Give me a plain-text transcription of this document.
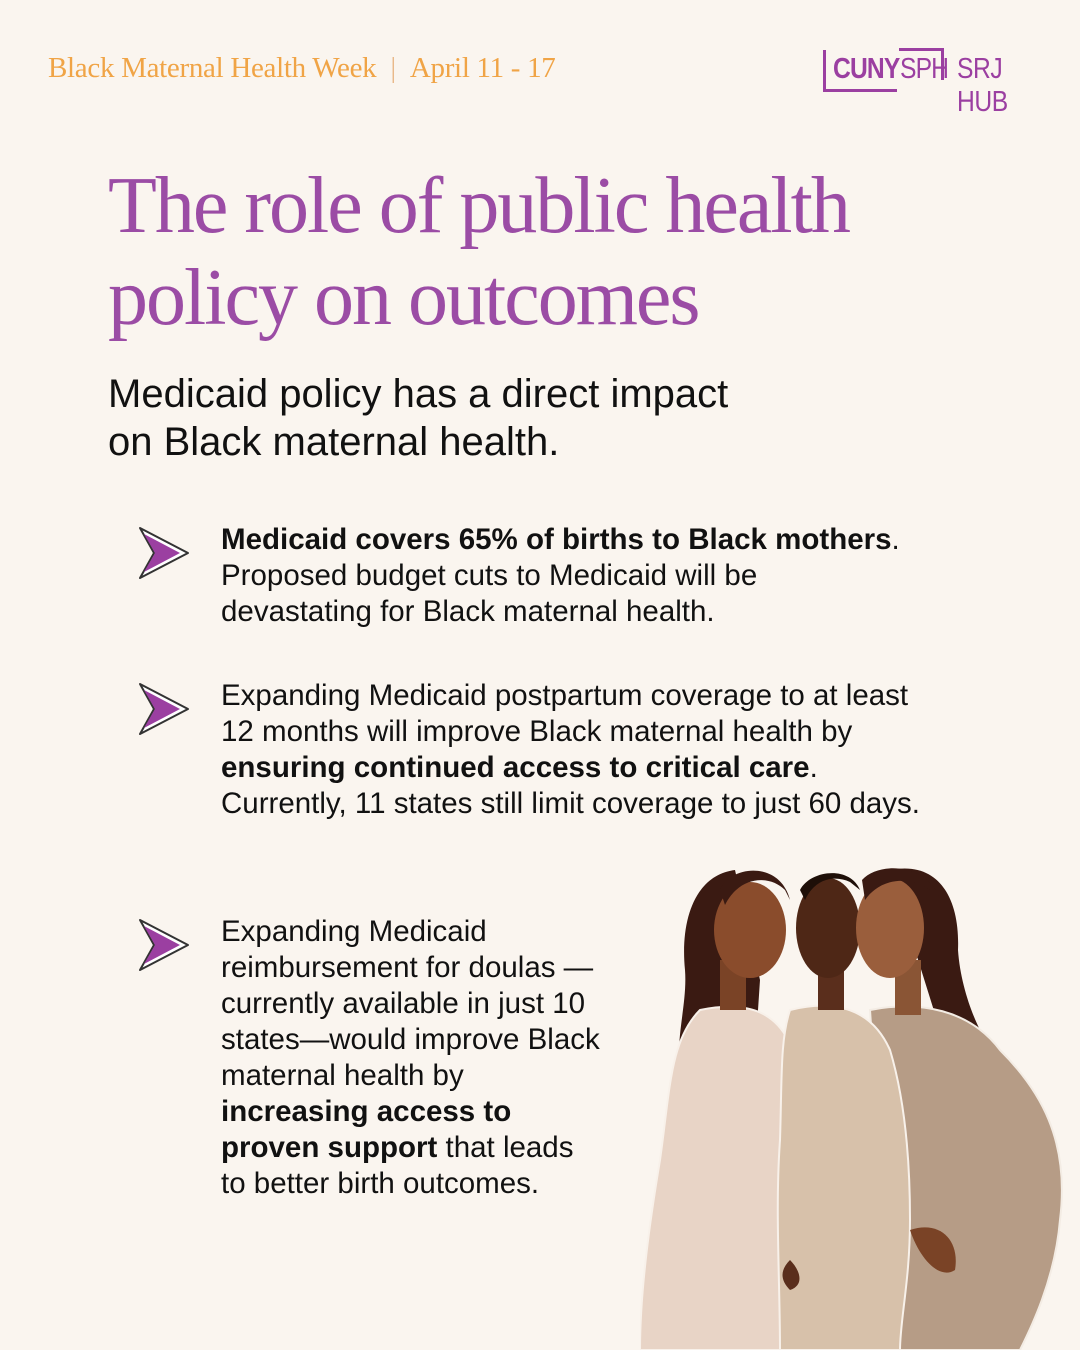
Black Maternal Health Week | April 11 - 17	CUNY SPH SRJ HUB
The role of public health
policy on outcomes

Medicaid policy has a direct impact
on Black maternal health.

Medicaid covers 65% of births to Black mothers. Proposed budget cuts to Medicaid will be devastating for Black maternal health.
Expanding Medicaid postpartum coverage to at least 12 months will improve Black maternal health by ensuring continued access to critical care. Currently, 11 states still limit coverage to just 60 days.
Expanding Medicaid reimbursement for doulas —currently available in just 10 states—would improve Black maternal health by increasing access to proven support that leads to better birth outcomes.
